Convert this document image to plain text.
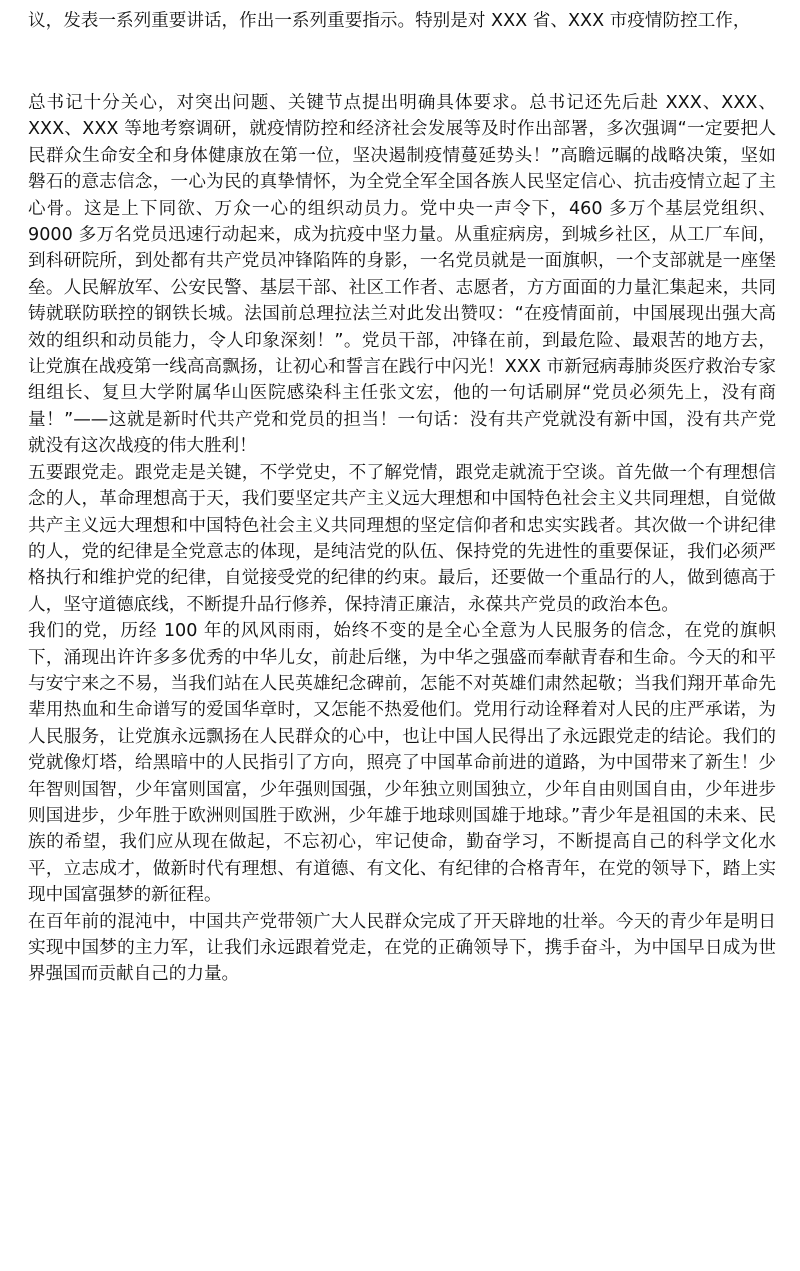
议，发表一系列重要讲话，作出一系列重要指示。特别是对 XXX 省、XXX 市疫情防控工作，

总书记十分关心，对突出问题、关键节点提出明确具体要求。总书记还先后赴 XXX、XXX、XXX、XXX 等地考察调研，就疫情防控和经济社会发展等及时作出部署，多次强调“一定要把人民群众生命安全和身体健康放在第一位，坚决遏制疫情蔓延势头！”高瞻远瞩的战略决策，坚如磐石的意志信念，一心为民的真挚情怀，为全党全军全国各族人民坚定信心、抗击疫情立起了主心骨。这是上下同欲、万众一心的组织动员力。党中央一声令下，460 多万个基层党组织、9000 多万名党员迅速行动起来，成为抗疫中坚力量。从重症病房，到城乡社区，从工厂车间，到科研院所，到处都有共产党员冲锋陷阵的身影，一名党员就是一面旗帜，一个支部就是一座堡垒。人民解放军、公安民警、基层干部、社区工作者、志愿者，方方面面的力量汇集起来，共同铸就联防联控的钢铁长城。法国前总理拉法兰对此发出赞叹：“在疫情面前，中国展现出强大高效的组织和动员能力，令人印象深刻！”。党员干部，冲锋在前，到最危险、最艰苦的地方去，让党旗在战疫第一线高高飘扬，让初心和誓言在践行中闪光！XXX 市新冠病毒肺炎医疗救治专家组组长、复旦大学附属华山医院感染科主任张文宏，他的一句话刷屏“党员必须先上，没有商量！”——这就是新时代共产党和党员的担当！一句话：没有共产党就没有新中国，没有共产党就没有这次战疫的伟大胜利！

五要跟党走。跟党走是关键，不学党史，不了解党情，跟党走就流于空谈。首先做一个有理想信念的人，革命理想高于天，我们要坚定共产主义远大理想和中国特色社会主义共同理想，自觉做共产主义远大理想和中国特色社会主义共同理想的坚定信仰者和忠实实践者。其次做一个讲纪律的人，党的纪律是全党意志的体现，是纯洁党的队伍、保持党的先进性的重要保证，我们必须严格执行和维护党的纪律，自觉接受党的纪律的约束。最后，还要做一个重品行的人，做到德高于人，坚守道德底线，不断提升品行修养，保持清正廉洁，永葆共产党员的政治本色。

我们的党，历经 100 年的风风雨雨，始终不变的是全心全意为人民服务的信念，在党的旗帜下，涌现出许许多多优秀的中华儿女，前赴后继，为中华之强盛而奉献青春和生命。今天的和平与安宁来之不易，当我们站在人民英雄纪念碑前，怎能不对英雄们肃然起敬；当我们翔开革命先辈用热血和生命谱写的爱国华章时，又怎能不热爱他们。党用行动诠释着对人民的庄严承诺，为人民服务，让党旗永远飘扬在人民群众的心中，也让中国人民得出了永远跟党走的结论。我们的党就像灯塔，给黑暗中的人民指引了方向，照亮了中国革命前进的道路，为中国带来了新生！少年智则国智，少年富则国富，少年强则国强，少年独立则国独立，少年自由则国自由，少年进步则国进步，少年胜于欧洲则国胜于欧洲，少年雄于地球则国雄于地球。”青少年是祖国的未来、民族的希望，我们应从现在做起，不忘初心，牢记使命，勤奋学习，不断提高自己的科学文化水平，立志成才，做新时代有理想、有道德、有文化、有纪律的合格青年，在党的领导下，踏上实现中国富强梦的新征程。

在百年前的混沌中，中国共产党带领广大人民群众完成了开天辟地的壮举。今天的青少年是明日实现中国梦的主力军，让我们永远跟着党走，在党的正确领导下，携手奋斗，为中国早日成为世界强国而贡献自己的力量。
